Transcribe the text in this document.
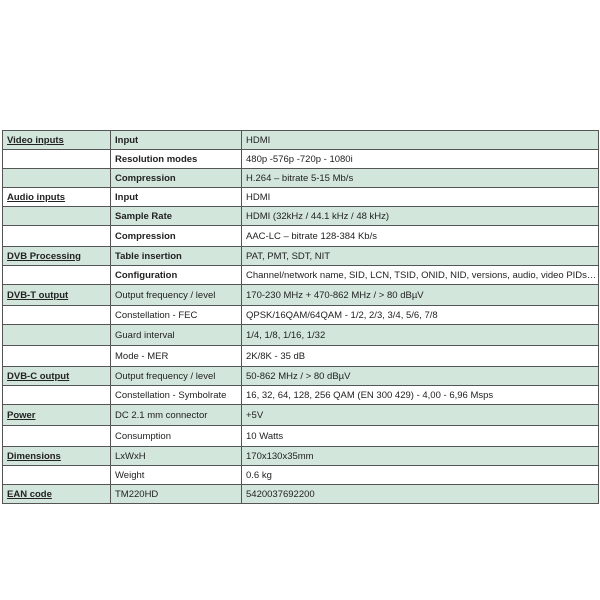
Video inputs	Input	HDMI
	Resolution modes	480p -576p -720p - 1080i
	Compression	H.264 – bitrate 5-15 Mb/s
Audio inputs	Input	HDMI
	Sample Rate	HDMI (32kHz / 44.1 kHz / 48 kHz)
	Compression	AAC-LC – bitrate 128-384 Kb/s
DVB Processing	Table insertion	PAT, PMT, SDT, NIT
	Configuration	Channel/network name, SID, LCN, TSID, ONID, NID, versions, audio, video PIDs…
DVB-T output	Output frequency / level	170-230 MHz + 470-862 MHz / > 80 dBµV
	Constellation - FEC	QPSK/16QAM/64QAM - 1/2, 2/3, 3/4, 5/6, 7/8
	Guard interval	1/4, 1/8, 1/16, 1/32
	Mode - MER	2K/8K - 35 dB
DVB-C output	Output frequency / level	50-862 MHz / > 80 dBµV
	Constellation - Symbolrate	16, 32, 64, 128, 256 QAM (EN 300 429) - 4,00 - 6,96 Msps
Power	DC 2.1 mm connector	+5V
	Consumption	10 Watts
Dimensions	LxWxH	170x130x35mm
	Weight	0.6 kg
EAN code	TM220HD	5420037692200
